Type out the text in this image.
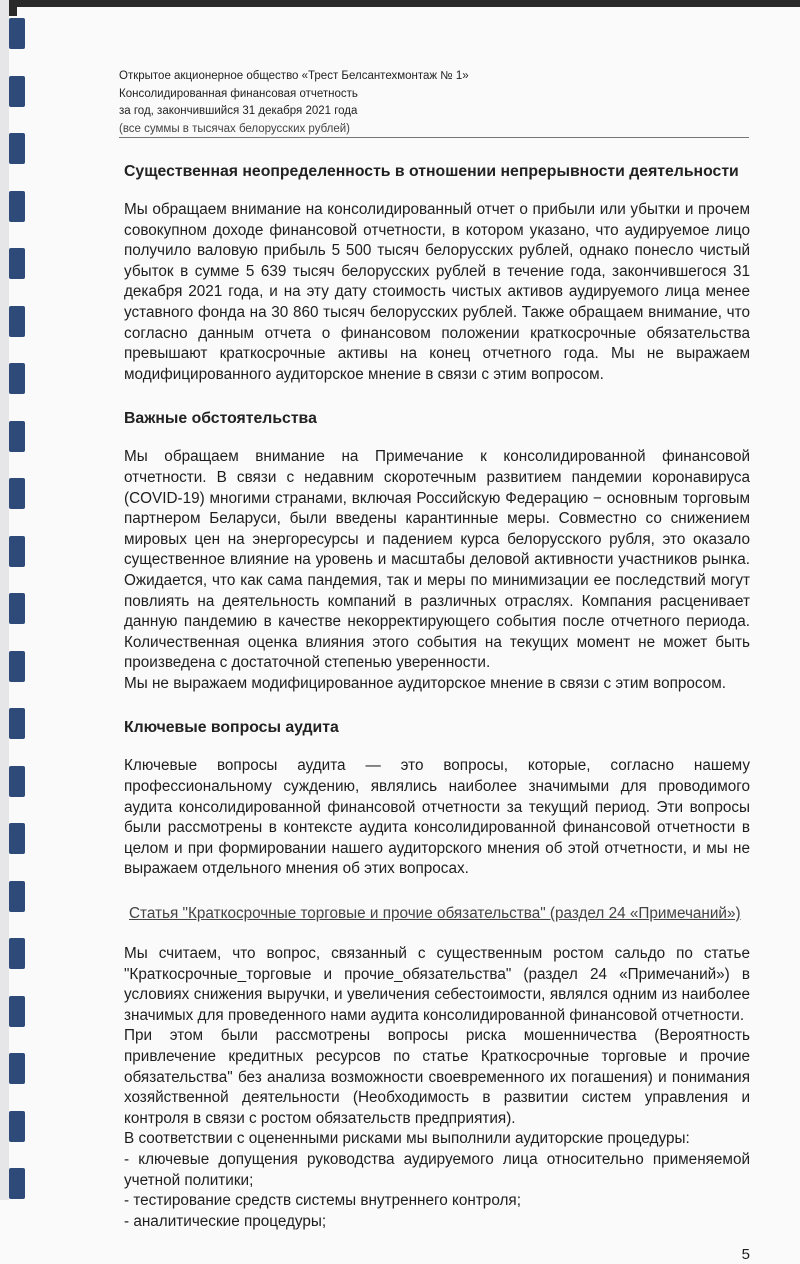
Открытое акционерное общество «Трест Белсантехмонтаж № 1»
Консолидированная финансовая отчетность
за год, закончившийся 31 декабря 2021 года
(все суммы в тысячах белорусских рублей)
Существенная неопределенность в отношении непрерывности деятельности

Мы обращаем внимание на консолидированный отчет о прибыли или убытки и прочем совокупном доходе финансовой отчетности, в котором указано, что аудируемое лицо получило валовую прибыль 5 500 тысяч белорусских рублей, однако понесло чистый убыток в сумме 5 639 тысяч белорусских рублей в течение года, закончившегося 31 декабря 2021 года, и на эту дату стоимость чистых активов аудируемого лица менее уставного фонда на 30 860 тысяч белорусских рублей. Также обращаем внимание, что согласно данным отчета о финансовом положении краткосрочные обязательства превышают краткосрочные активы на конец отчетного года. Мы не выражаем модифицированного аудиторское мнение в связи с этим вопросом.

Важные обстоятельства

Мы обращаем внимание на Примечание к консолидированной финансовой отчетности. В связи с недавним скоротечным развитием пандемии коронавируса (COVID-19) многими странами, включая Российскую Федерацию − основным торговым партнером Беларуси, были введены карантинные меры. Совместно со снижением мировых цен на энергоресурсы и падением курса белорусского рубля, это оказало существенное влияние на уровень и масштабы деловой активности участников рынка. Ожидается, что как сама пандемия, так и меры по минимизации ее последствий могут повлиять на деятельность компаний в различных отраслях. Компания расценивает данную пандемию в качестве некорректирующего события после отчетного периода. Количественная оценка влияния этого события на текущих момент не может быть произведена с достаточной степенью уверенности.

Мы не выражаем модифицированное аудиторское мнение в связи с этим вопросом.

Ключевые вопросы аудита

Ключевые вопросы аудита — это вопросы, которые, согласно нашему профессиональному суждению, являлись наиболее значимыми для проводимого аудита консолидированной финансовой отчетности за текущий период. Эти вопросы были рассмотрены в контексте аудита консолидированной финансовой отчетности в целом и при формировании нашего аудиторского мнения об этой отчетности, и мы не выражаем отдельного мнения об этих вопросах.

Статья "Краткосрочные торговые и прочие обязательства" (раздел 24 «Примечаний»)

Мы считаем, что вопрос, связанный с существенным ростом сальдо по статье "Краткосрочные_торговые и прочие_обязательства" (раздел 24 «Примечаний») в условиях снижения выручки, и увеличения себестоимости, являлся одним из наиболее значимых для проведенного нами аудита консолидированной финансовой отчетности.

При этом были рассмотрены вопросы риска мошенничества (Вероятность привлечение кредитных ресурсов по статье Краткосрочные торговые и прочие обязательства" без анализа возможности своевременного их погашения) и понимания хозяйственной деятельности (Необходимость в развитии систем управления и контроля в связи с ростом обязательств предприятия).

В соответствии с оцененными рисками мы выполнили аудиторские процедуры:

- ключевые допущения руководства аудируемого лица относительно применяемой учетной политики;

- тестирование средств системы внутреннего контроля;

- аналитические процедуры;

5
